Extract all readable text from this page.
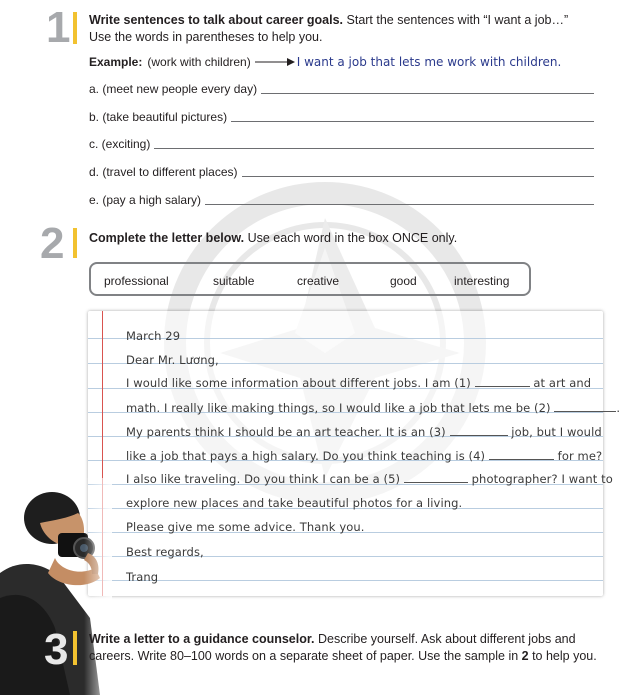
1 Write sentences to talk about career goals. Start the sentences with “I want a job…”
Use the words in parentheses to help you.
Example: (work with children)	I want a job that lets me work with children.
a. (meet new people every day)
b. (take beautiful pictures)
c. (exciting)
d. (travel to different places)
e. (pay a high salary)
2 Complete the letter below. Use each word in the box ONCE only.
professional	suitable	creative	good	interesting
March 29
Dear Mr. Lương,
I would like some information about different jobs. I am (1)	at art and
math. I really like making things, so I would like a job that lets me be (2)	.
My parents think I should be an art teacher. It is an (3)	job, but I would
like a job that pays a high salary. Do you think teaching is (4)	for me?
I also like traveling. Do you think I can be a (5)	photographer? I want to
explore new places and take beautiful photos for a living.
Please give me some advice. Thank you.
Best regards,
Trang
3 Write a letter to a guidance counselor. Describe yourself. Ask about different jobs and
careers. Write 80–100 words on a separate sheet of paper. Use the sample in 2 to help you.
